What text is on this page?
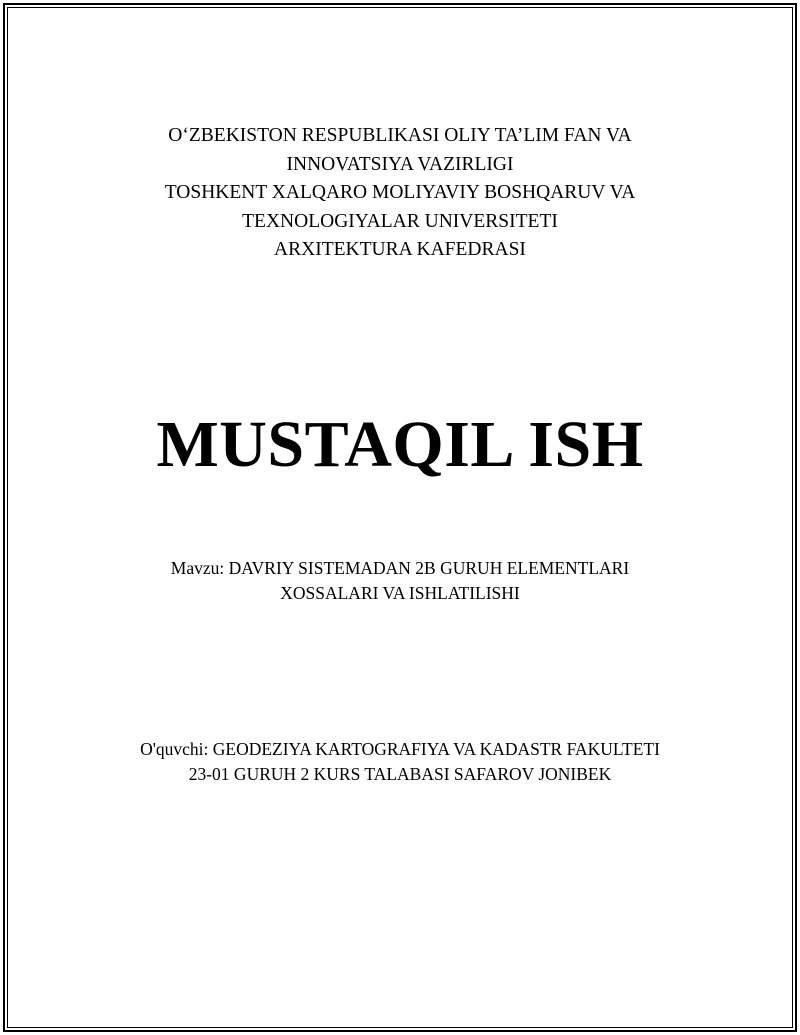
O‘ZBEKISTON RESPUBLIKASI OLIY TA’LIM FAN VA
INNOVATSIYA VAZIRLIGI
TOSHKENT XALQARO MOLIYAVIY BOSHQARUV VA
TEXNOLOGIYALAR UNIVERSITETI
ARXITEKTURA KAFEDRASI
MUSTAQIL ISH
Mavzu: DAVRIY SISTEMADAN 2B GURUH ELEMENTLARI
XOSSALARI VA ISHLATILISHI
O'quvchi: GEODEZIYA KARTOGRAFIYA VA KADASTR FAKULTETI
23-01 GURUH 2 KURS TALABASI SAFAROV JONIBEK
